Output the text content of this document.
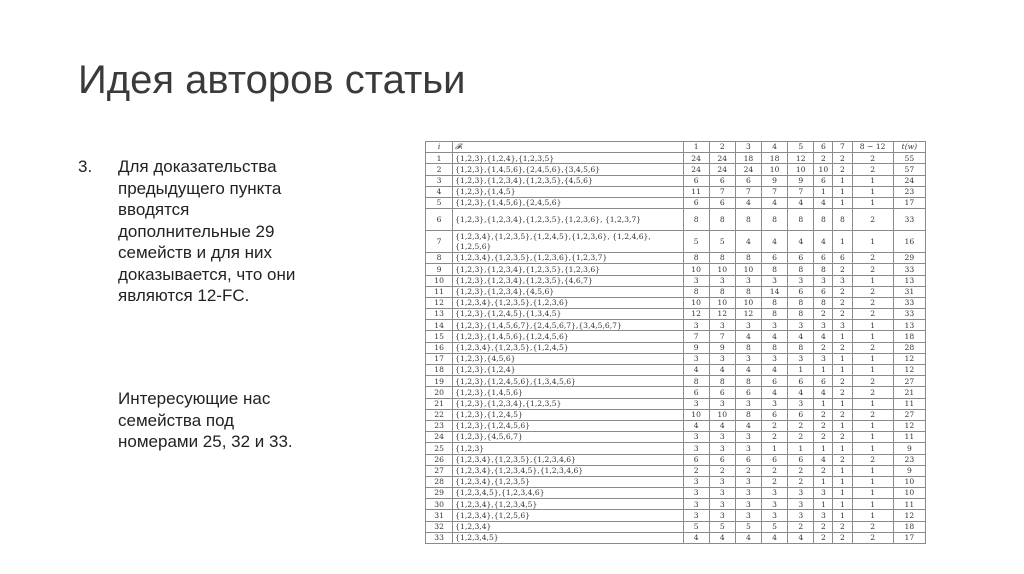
Идея авторов статьи
3. Для доказательства предыдущего пункта вводятся дополнительные 29 семейств и для них доказывается, что они являются 12-FC.
Интересующие нас семейства под номерами 25, 32 и 33.
i	𝓕ᵢ	1	2	3	4	5	6	7	8 − 12	t(w)
1	{1,2,3},{1,2,4},{1,2,3,5}	24	24	18	18	12	2	2	2	55
2	{1,2,3},{1,4,5,6},{2,4,5,6},{3,4,5,6}	24	24	24	10	10	10	2	2	57
3	{1,2,3},{1,2,3,4},{1,2,3,5},{4,5,6}	6	6	6	9	9	6	1	1	24
4	{1,2,3},{1,4,5}	11	7	7	7	7	1	1	1	23
5	{1,2,3},{1,4,5,6},{2,4,5,6}	6	6	4	4	4	4	1	1	17
6	{1,2,3},{1,2,3,4},{1,2,3,5},{1,2,3,6}, {1,2,3,7}	8	8	8	8	8	8	8	2	33
7	{1,2,3,4},{1,2,3,5},{1,2,4,5},{1,2,3,6}, {1,2,4,6},{1,2,5,6}	5	5	4	4	4	4	1	1	16
8	{1,2,3,4},{1,2,3,5},{1,2,3,6},{1,2,3,7}	8	8	8	6	6	6	6	2	29
9	{1,2,3},{1,2,3,4},{1,2,3,5},{1,2,3,6}	10	10	10	8	8	8	2	2	33
10	{1,2,3},{1,2,3,4},{1,2,3,5},{4,6,7}	3	3	3	3	3	3	3	1	13
11	{1,2,3},{1,2,3,4},{4,5,6}	8	8	8	14	6	6	2	2	31
12	{1,2,3,4},{1,2,3,5},{1,2,3,6}	10	10	10	8	8	8	2	2	33
13	{1,2,3},{1,2,4,5},{1,3,4,5}	12	12	12	8	8	2	2	2	33
14	{1,2,3},{1,4,5,6,7},{2,4,5,6,7},{3,4,5,6,7}	3	3	3	3	3	3	3	1	13
15	{1,2,3},{1,4,5,6},{1,2,4,5,6}	7	7	4	4	4	4	1	1	18
16	{1,2,3,4},{1,2,3,5},{1,2,4,5}	9	9	8	8	8	2	2	2	28
17	{1,2,3},{4,5,6}	3	3	3	3	3	3	1	1	12
18	{1,2,3},{1,2,4}	4	4	4	4	1	1	1	1	12
19	{1,2,3},{1,2,4,5,6},{1,3,4,5,6}	8	8	8	6	6	6	2	2	27
20	{1,2,3},{1,4,5,6}	6	6	6	4	4	4	2	2	21
21	{1,2,3},{1,2,3,4},{1,2,3,5}	3	3	3	3	3	1	1	1	11
22	{1,2,3},{1,2,4,5}	10	10	8	6	6	2	2	2	27
23	{1,2,3},{1,2,4,5,6}	4	4	4	2	2	2	1	1	12
24	{1,2,3},{4,5,6,7}	3	3	3	2	2	2	2	1	11
25	{1,2,3}	3	3	3	1	1	1	1	1	9
26	{1,2,3,4},{1,2,3,5},{1,2,3,4,6}	6	6	6	6	6	4	2	2	23
27	{1,2,3,4},{1,2,3,4,5},{1,2,3,4,6}	2	2	2	2	2	2	1	1	9
28	{1,2,3,4},{1,2,3,5}	3	3	3	2	2	1	1	1	10
29	{1,2,3,4,5},{1,2,3,4,6}	3	3	3	3	3	3	1	1	10
30	{1,2,3,4},{1,2,3,4,5}	3	3	3	3	3	1	1	1	11
31	{1,2,3,4},{1,2,5,6}	3	3	3	3	3	3	1	1	12
32	{1,2,3,4}	5	5	5	5	2	2	2	2	18
33	{1,2,3,4,5}	4	4	4	4	4	2	2	2	17
